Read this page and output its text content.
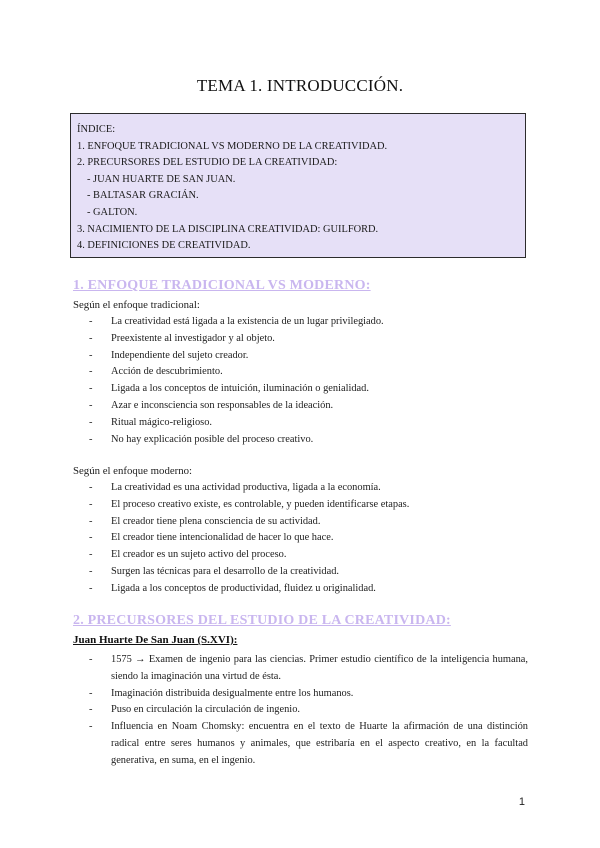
TEMA 1. INTRODUCCIÓN.
ÍNDICE:
1. ENFOQUE TRADICIONAL VS MODERNO DE LA CREATIVIDAD.
2. PRECURSORES DEL ESTUDIO DE LA CREATIVIDAD:
- JUAN HUARTE DE SAN JUAN.
- BALTASAR GRACIÁN.
- GALTON.
3. NACIMIENTO DE LA DISCIPLINA CREATIVIDAD: GUILFORD.
4. DEFINICIONES DE CREATIVIDAD.
1. ENFOQUE TRADICIONAL VS MODERNO:
Según el enfoque tradicional:
- La creatividad está ligada a la existencia de un lugar privilegiado.
- Preexistente al investigador y al objeto.
- Independiente del sujeto creador.
- Acción de descubrimiento.
- Ligada a los conceptos de intuición, iluminación o genialidad.
- Azar e inconsciencia son responsables de la ideación.
- Ritual mágico-religioso.
- No hay explicación posible del proceso creativo.
Según el enfoque moderno:
- La creatividad es una actividad productiva, ligada a la economía.
- El proceso creativo existe, es controlable, y pueden identificarse etapas.
- El creador tiene plena consciencia de su actividad.
- El creador tiene intencionalidad de hacer lo que hace.
- El creador es un sujeto activo del proceso.
- Surgen las técnicas para el desarrollo de la creatividad.
- Ligada a los conceptos de productividad, fluidez u originalidad.
2. PRECURSORES DEL ESTUDIO DE LA CREATIVIDAD:
Juan Huarte De San Juan (S.XVI):
- 1575 → Examen de ingenio para las ciencias. Primer estudio científico de la inteligencia humana, siendo la imaginación una virtud de ésta.
- Imaginación distribuida desigualmente entre los humanos.
- Puso en circulación la circulación de ingenio.
- Influencia en Noam Chomsky: encuentra en el texto de Huarte la afirmación de una distinción radical entre seres humanos y animales, que estribaría en el aspecto creativo, en la facultad generativa, en suma, en el ingenio.
1
